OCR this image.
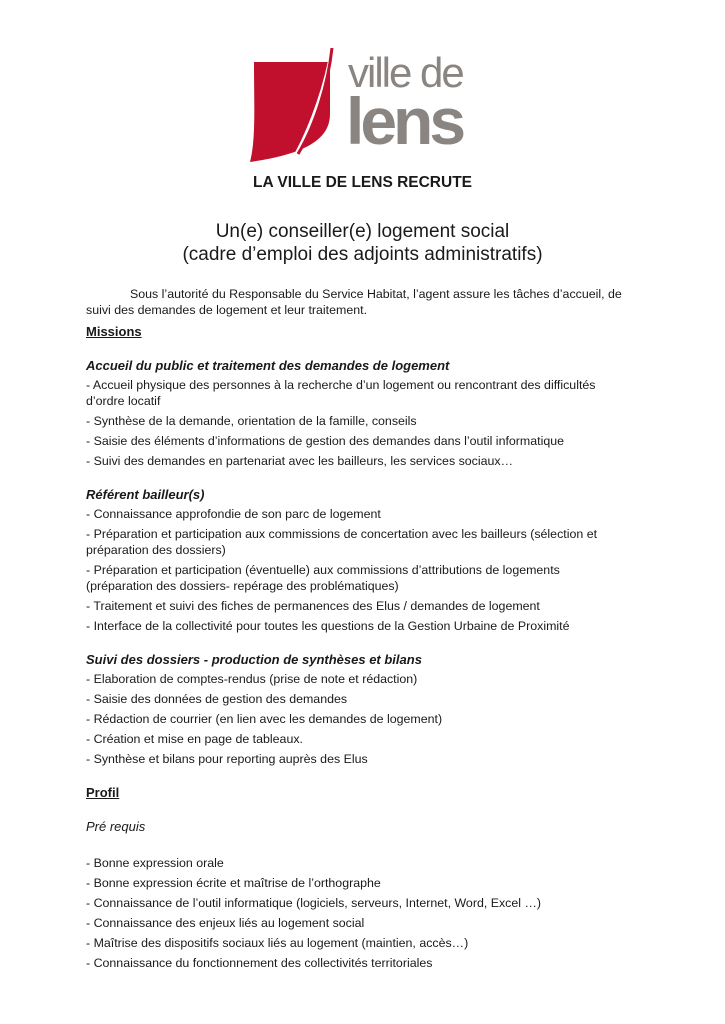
ville de
lens
LA VILLE DE LENS RECRUTE
Un(e) conseiller(e) logement social
(cadre d’emploi des adjoints administratifs)

Sous l’autorité du Responsable du Service Habitat, l’agent assure les tâches d’accueil, de suivi des demandes de logement et leur traitement.

Missions

Accueil du public et traitement des demandes de logement

- Accueil physique des personnes à la recherche d’un logement ou rencontrant des difficultés d’ordre locatif

- Synthèse de la demande, orientation de la famille, conseils

- Saisie des éléments d’informations de gestion des demandes dans l’outil informatique

- Suivi des demandes en partenariat avec les bailleurs, les services sociaux…

Référent bailleur(s)

- Connaissance approfondie de son parc de logement

- Préparation et participation aux commissions de concertation avec les bailleurs (sélection et préparation des dossiers)

- Préparation et participation (éventuelle) aux commissions d’attributions de logements (préparation des dossiers- repérage des problématiques)

- Traitement et suivi des fiches de permanences des Elus / demandes de logement

- Interface de la collectivité pour toutes les questions de la Gestion Urbaine de Proximité

Suivi des dossiers - production de synthèses et bilans

- Elaboration de comptes-rendus (prise de note et rédaction)

- Saisie des données de gestion des demandes

- Rédaction de courrier (en lien avec les demandes de logement)

- Création et mise en page de tableaux.

- Synthèse et bilans pour reporting auprès des Elus

Profil

Pré requis

- Bonne expression orale

- Bonne expression écrite et maîtrise de l’orthographe

- Connaissance de l’outil informatique (logiciels, serveurs, Internet, Word, Excel …)

- Connaissance des enjeux liés au logement social

- Maîtrise des dispositifs sociaux liés au logement (maintien, accès…)

- Connaissance du fonctionnement des collectivités territoriales
